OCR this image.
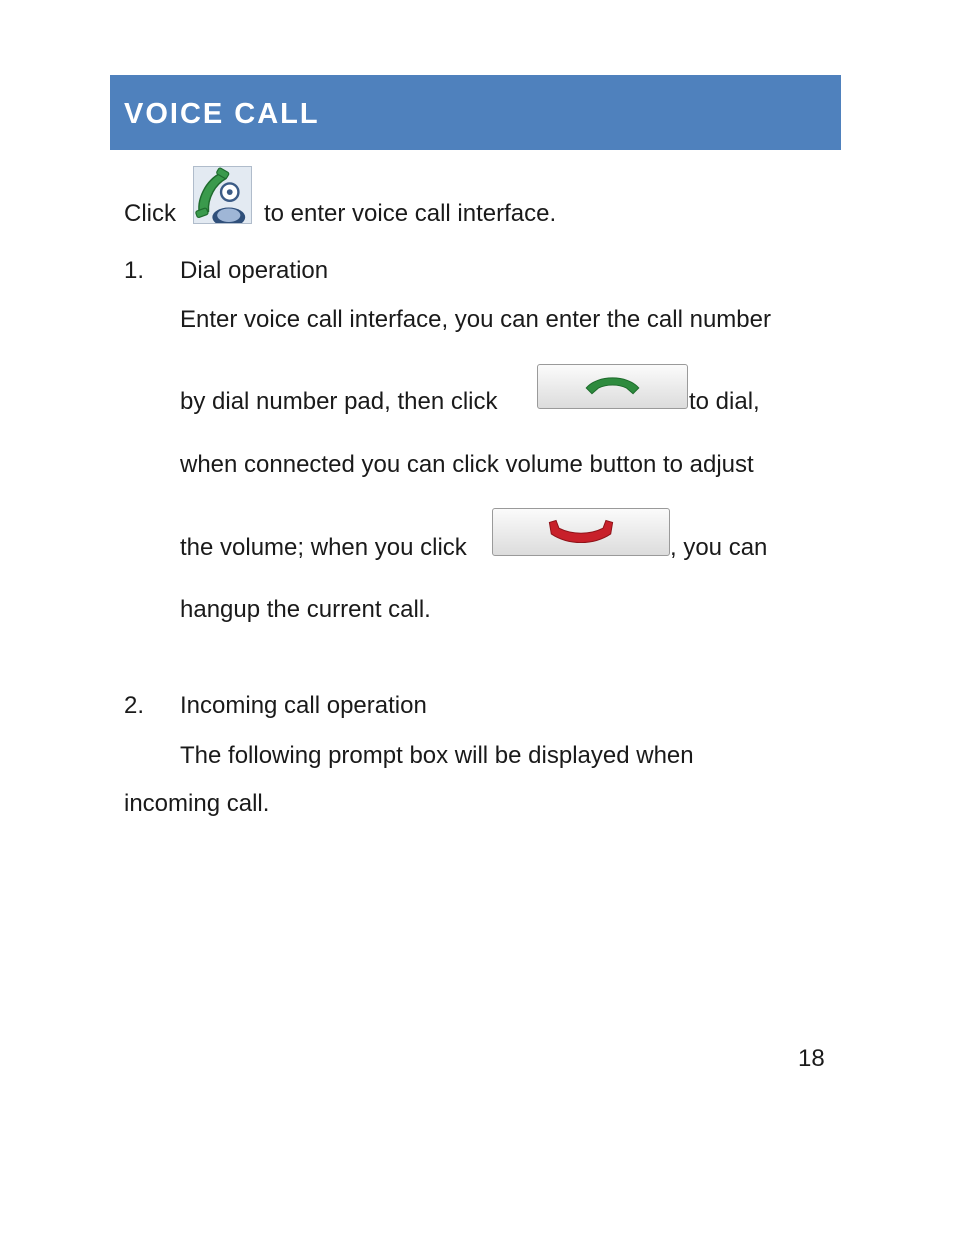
VOICE CALL
Click	to enter voice call interface.
1. Dial operation
Enter voice call interface, you can enter the call number
by dial number pad, then click	to dial,
when connected you can click volume button to adjust
the volume; when you click	, you can
hangup the current call.
2. Incoming call operation
The following prompt box will be displayed when
incoming call.
18
